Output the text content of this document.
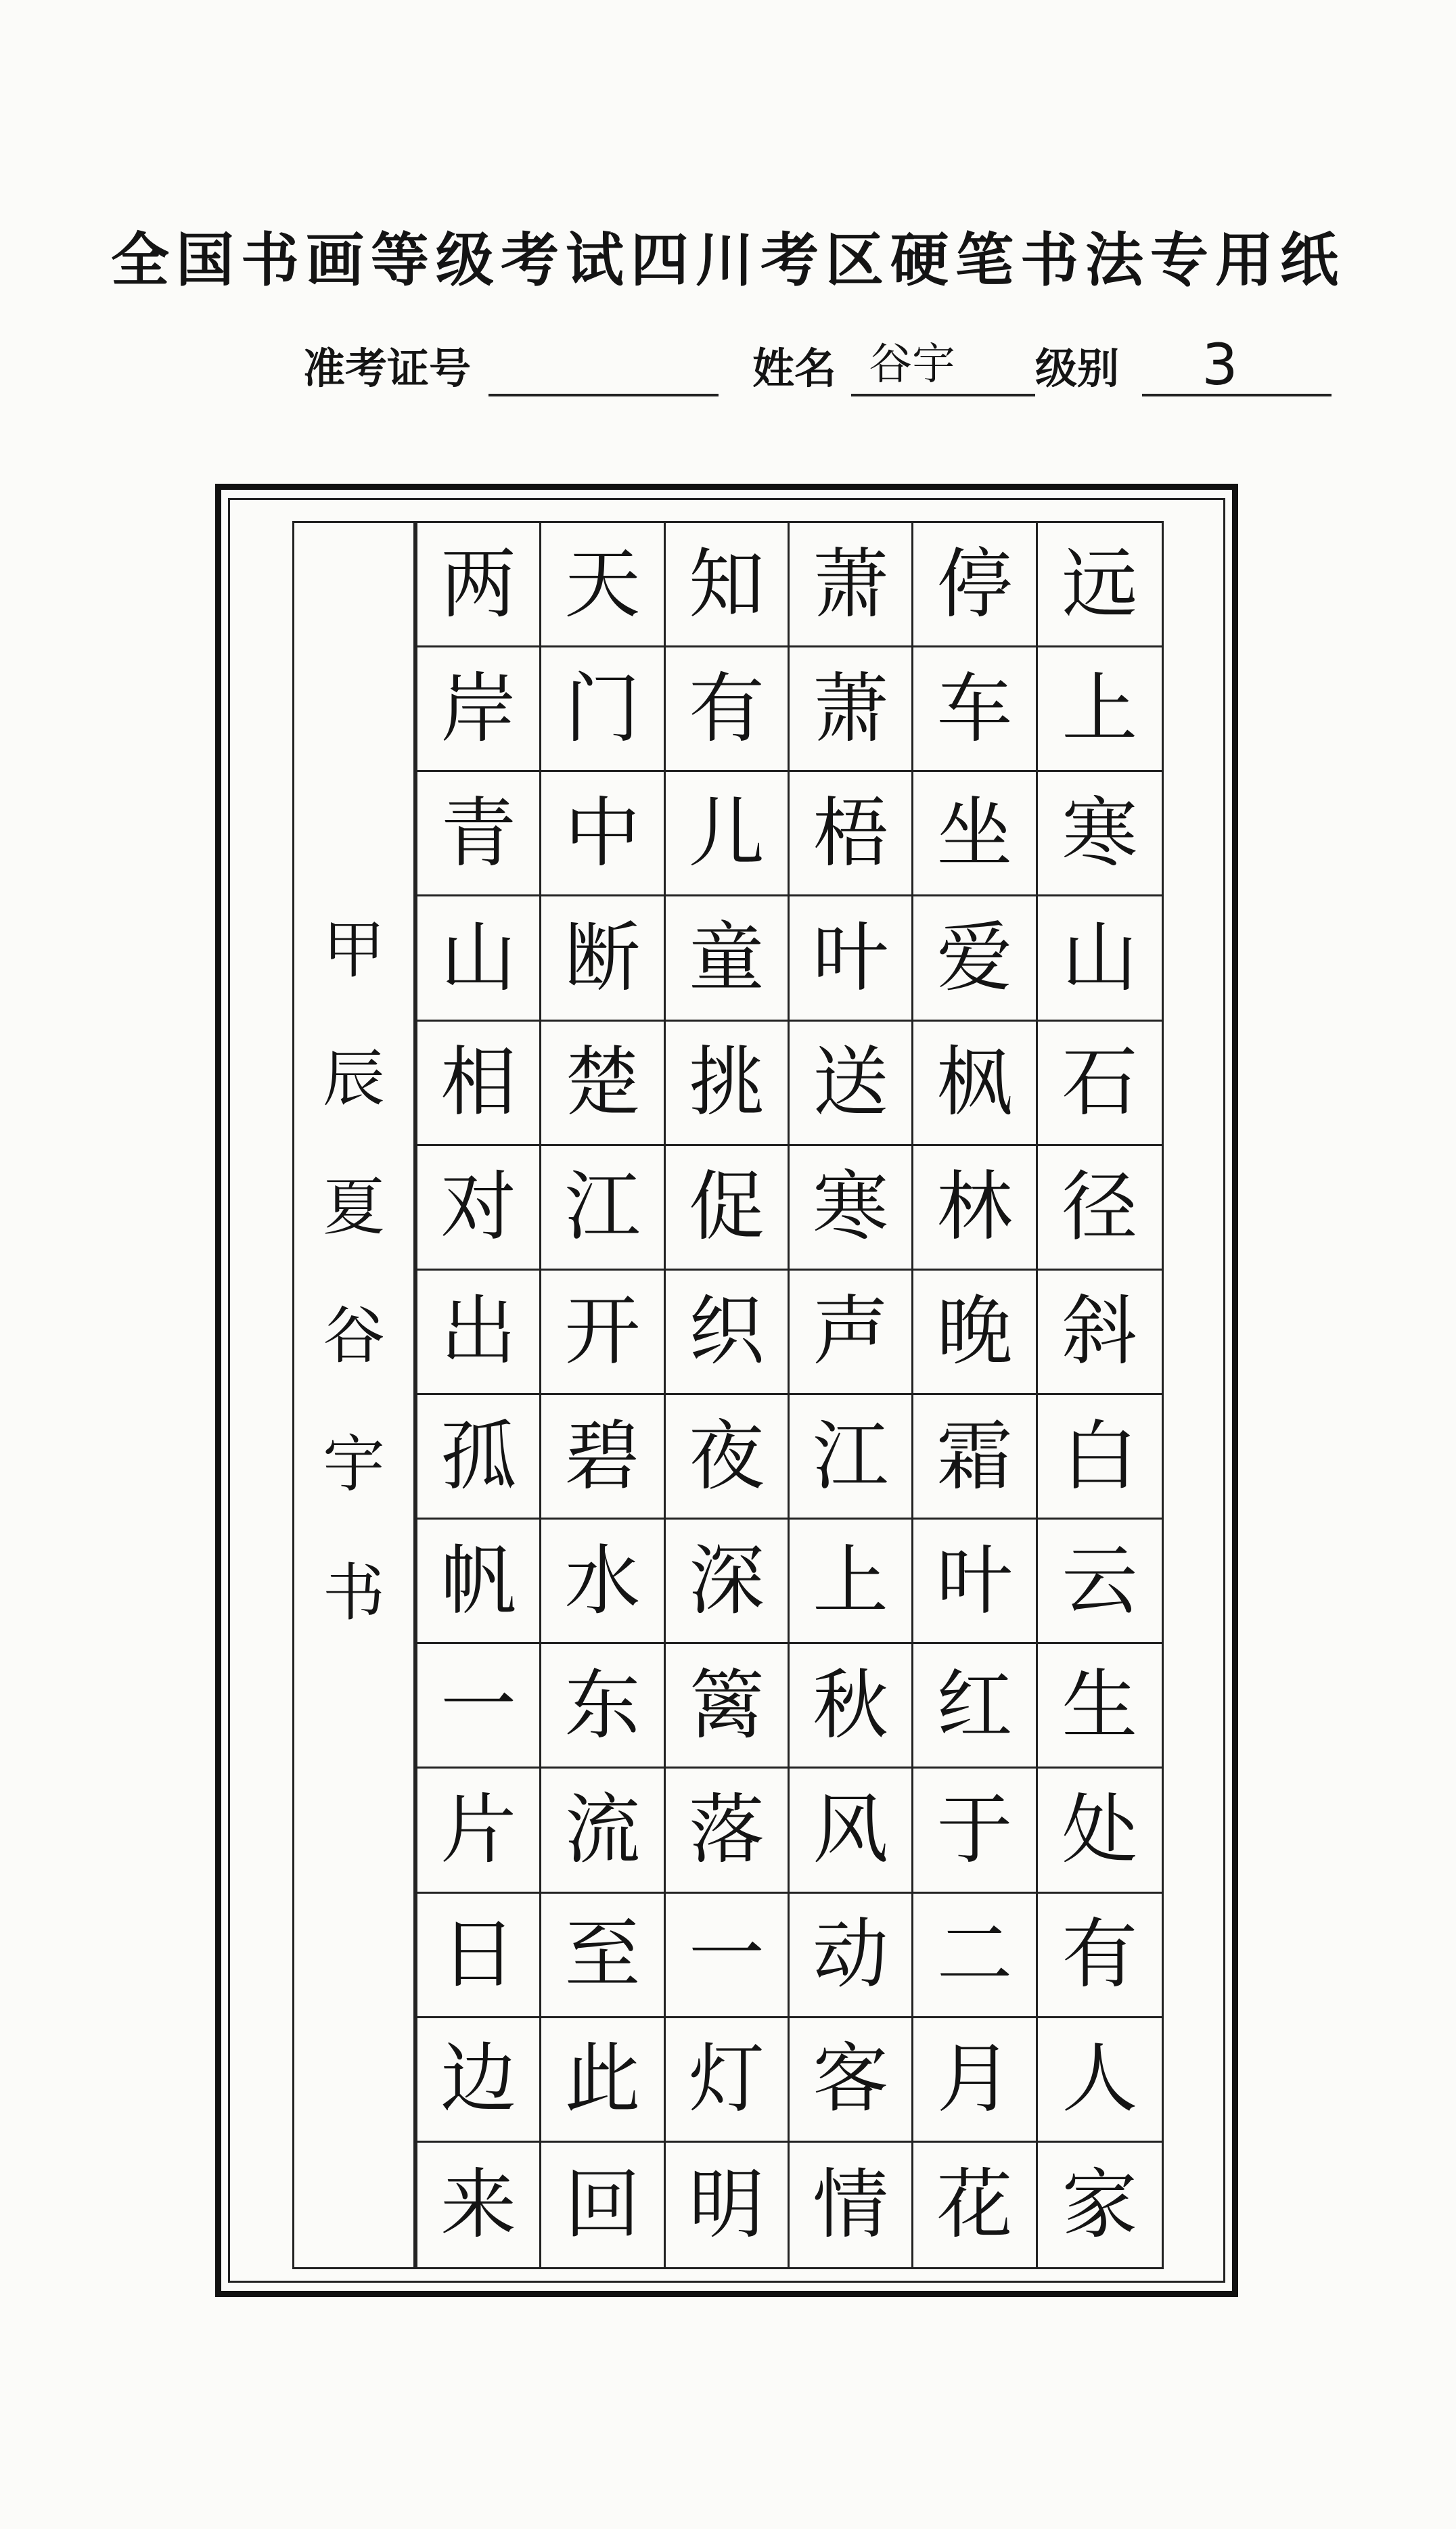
全国书画等级考试四川考区硬笔书法专用纸
准考证号	姓名 谷宇	级别	3
甲
辰
夏
谷
宇
书
两 天 知 萧 停 远
岸 门 有 萧 车 上
青 中 儿 梧 坐 寒
山 断 童 叶 爱 山
相 楚 挑 送 枫 石
对 江 促 寒 林 径
出 开 织 声 晚 斜
孤 碧 夜 江 霜 白
帆 水 深 上 叶 云
一 东 篱 秋 红 生
片 流 落 风 于 处
日 至 一 动 二 有
边 此 灯 客 月 人
来 回 明 情 花 家
